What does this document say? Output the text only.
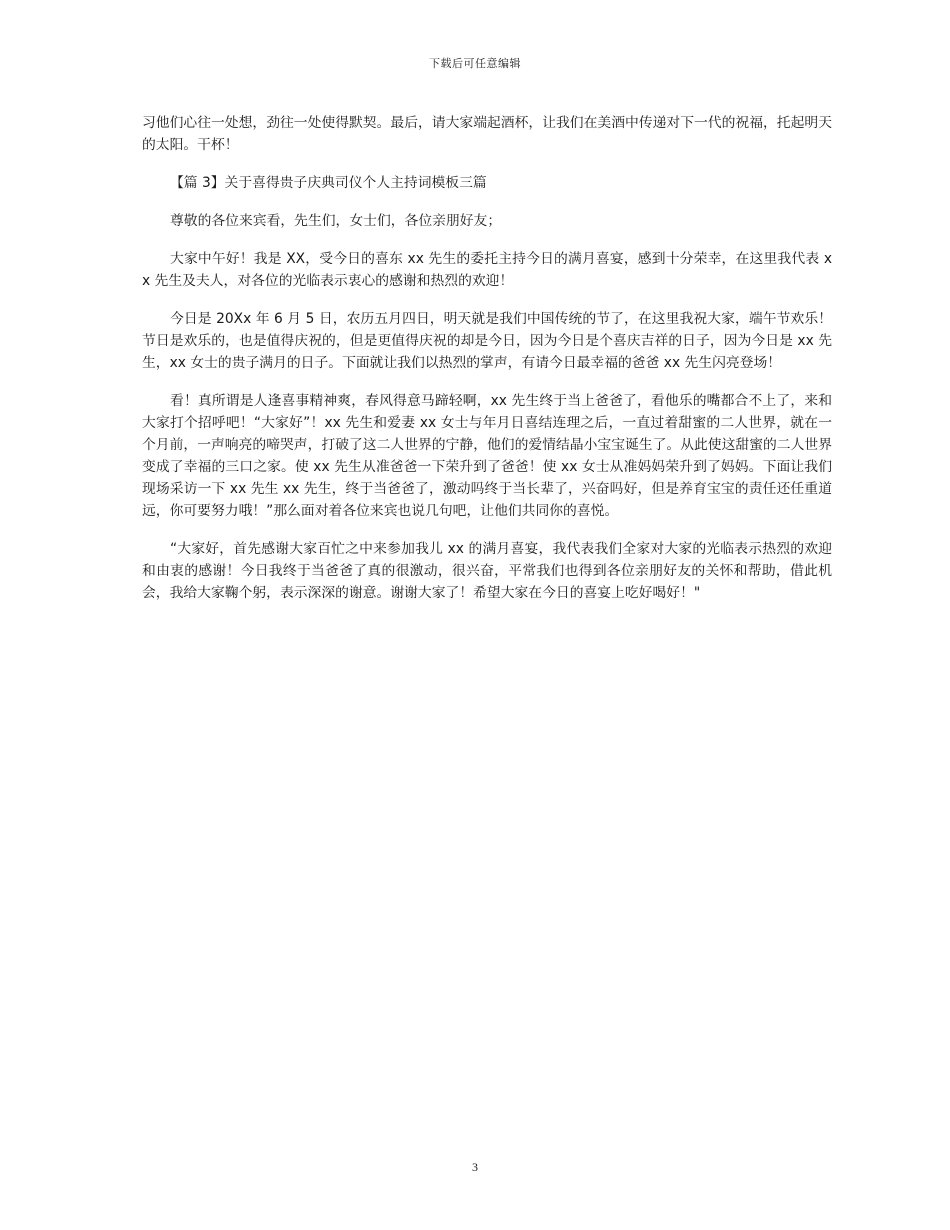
下载后可任意编辑

习他们心往一处想，劲往一处使得默契。最后，请大家端起酒杯，让我们在美酒中传递对下一代的祝福，托起明天的太阳。干杯！

【篇 3】关于喜得贵子庆典司仪个人主持词模板三篇

尊敬的各位来宾看，先生们，女士们，各位亲朋好友；

大家中午好！我是 XX，受今日的喜东 xx 先生的委托主持今日的满月喜宴，感到十分荣幸，在这里我代表 xx 先生及夫人，对各位的光临表示衷心的感谢和热烈的欢迎！

今日是 20Xx 年 6 月 5 日，农历五月四日，明天就是我们中国传统的节了，在这里我祝大家，端午节欢乐！节日是欢乐的，也是值得庆祝的，但是更值得庆祝的却是今日，因为今日是个喜庆吉祥的日子，因为今日是 xx 先生，xx 女士的贵子满月的日子。下面就让我们以热烈的掌声，有请今日最幸福的爸爸 xx 先生闪亮登场！

看！真所谓是人逢喜事精神爽，春风得意马蹄轻啊，xx 先生终于当上爸爸了，看他乐的嘴都合不上了，来和大家打个招呼吧！“大家好”！xx 先生和爱妻 xx 女士与年月日喜结连理之后，一直过着甜蜜的二人世界，就在一个月前，一声响亮的啼哭声，打破了这二人世界的宁静，他们的爱情结晶小宝宝诞生了。从此使这甜蜜的二人世界变成了幸福的三口之家。使 xx 先生从准爸爸一下荣升到了爸爸！使 xx 女士从准妈妈荣升到了妈妈。下面让我们现场采访一下 xx 先生 xx 先生，终于当爸爸了，激动吗终于当长辈了，兴奋吗好，但是养育宝宝的责任还任重道远，你可要努力哦！”那么面对着各位来宾也说几句吧，让他们共同你的喜悦。

“大家好，首先感谢大家百忙之中来参加我儿 xx 的满月喜宴，我代表我们全家对大家的光临表示热烈的欢迎和由衷的感谢！今日我终于当爸爸了真的很激动，很兴奋，平常我们也得到各位亲朋好友的关怀和帮助，借此机会，我给大家鞠个躬，表示深深的谢意。谢谢大家了！希望大家在今日的喜宴上吃好喝好！"

3
